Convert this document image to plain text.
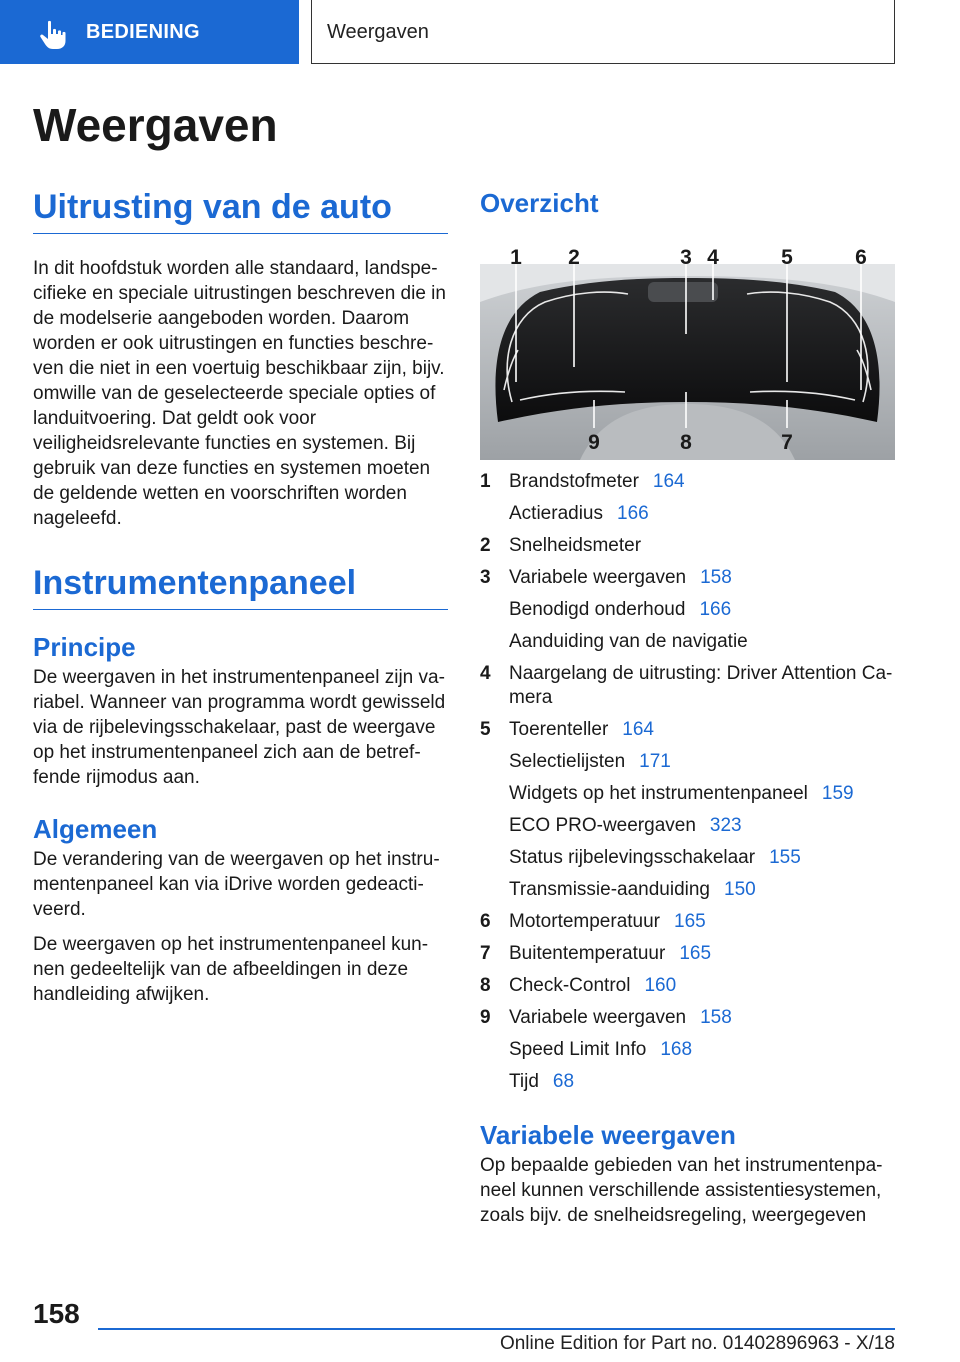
BEDIENING	Weergaven
Weergaven
Uitrusting van de auto

In dit hoofdstuk worden alle standaard, landspecifieke en speciale uitrustingen beschreven die in de modelserie aangeboden worden. Daarom worden er ook uitrustingen en functies beschreven die niet in een voertuig beschikbaar zijn, bijv. omwille van de geselecteerde speciale opties of landuitvoering. Dat geldt ook voor veiligheidsrelevante functies en systemen. Bij gebruik van deze functies en systemen moeten de geldende wetten en voorschriften worden nageleefd.

Instrumentenpaneel
Principe

De weergaven in het instrumentenpaneel zijn variabel. Wanneer van programma wordt gewisseld via de rijbelevingsschakelaar, past de weergave op het instrumentenpaneel zich aan de betreffende rijmodus aan.

Algemeen

De verandering van de weergaven op het instrumentenpaneel kan via iDrive worden gedeactiveerd.

De weergaven op het instrumentenpaneel kunnen gedeeltelijk van de afbeeldingen in deze handleiding afwijken.

Overzicht
1 2	3 4	5	6
9	8	7
1 Brandstofmeter 164
Actieradius 166
2 Snelheidsmeter
3 Variabele weergaven 158
Benodigd onderhoud 166
Aanduiding van de navigatie
4 Naargelang de uitrusting: Driver Attention Camera
5 Toerenteller 164
Selectielijsten 171
Widgets op het instrumentenpaneel 159
ECO PRO-weergaven 323
Status rijbelevingsschakelaar 155
Transmissie-aanduiding 150
6 Motortemperatuur 165
7 Buitentemperatuur 165
8 Check-Control 160
9 Variabele weergaven 158
Speed Limit Info 168
Tijd 68
Variabele weergaven

Op bepaalde gebieden van het instrumentenpaneel kunnen verschillende assistentiesystemen, zoals bijv. de snelheidsregeling, weergegeven

158
Online Edition for Part no. 01402896963 - X/18
